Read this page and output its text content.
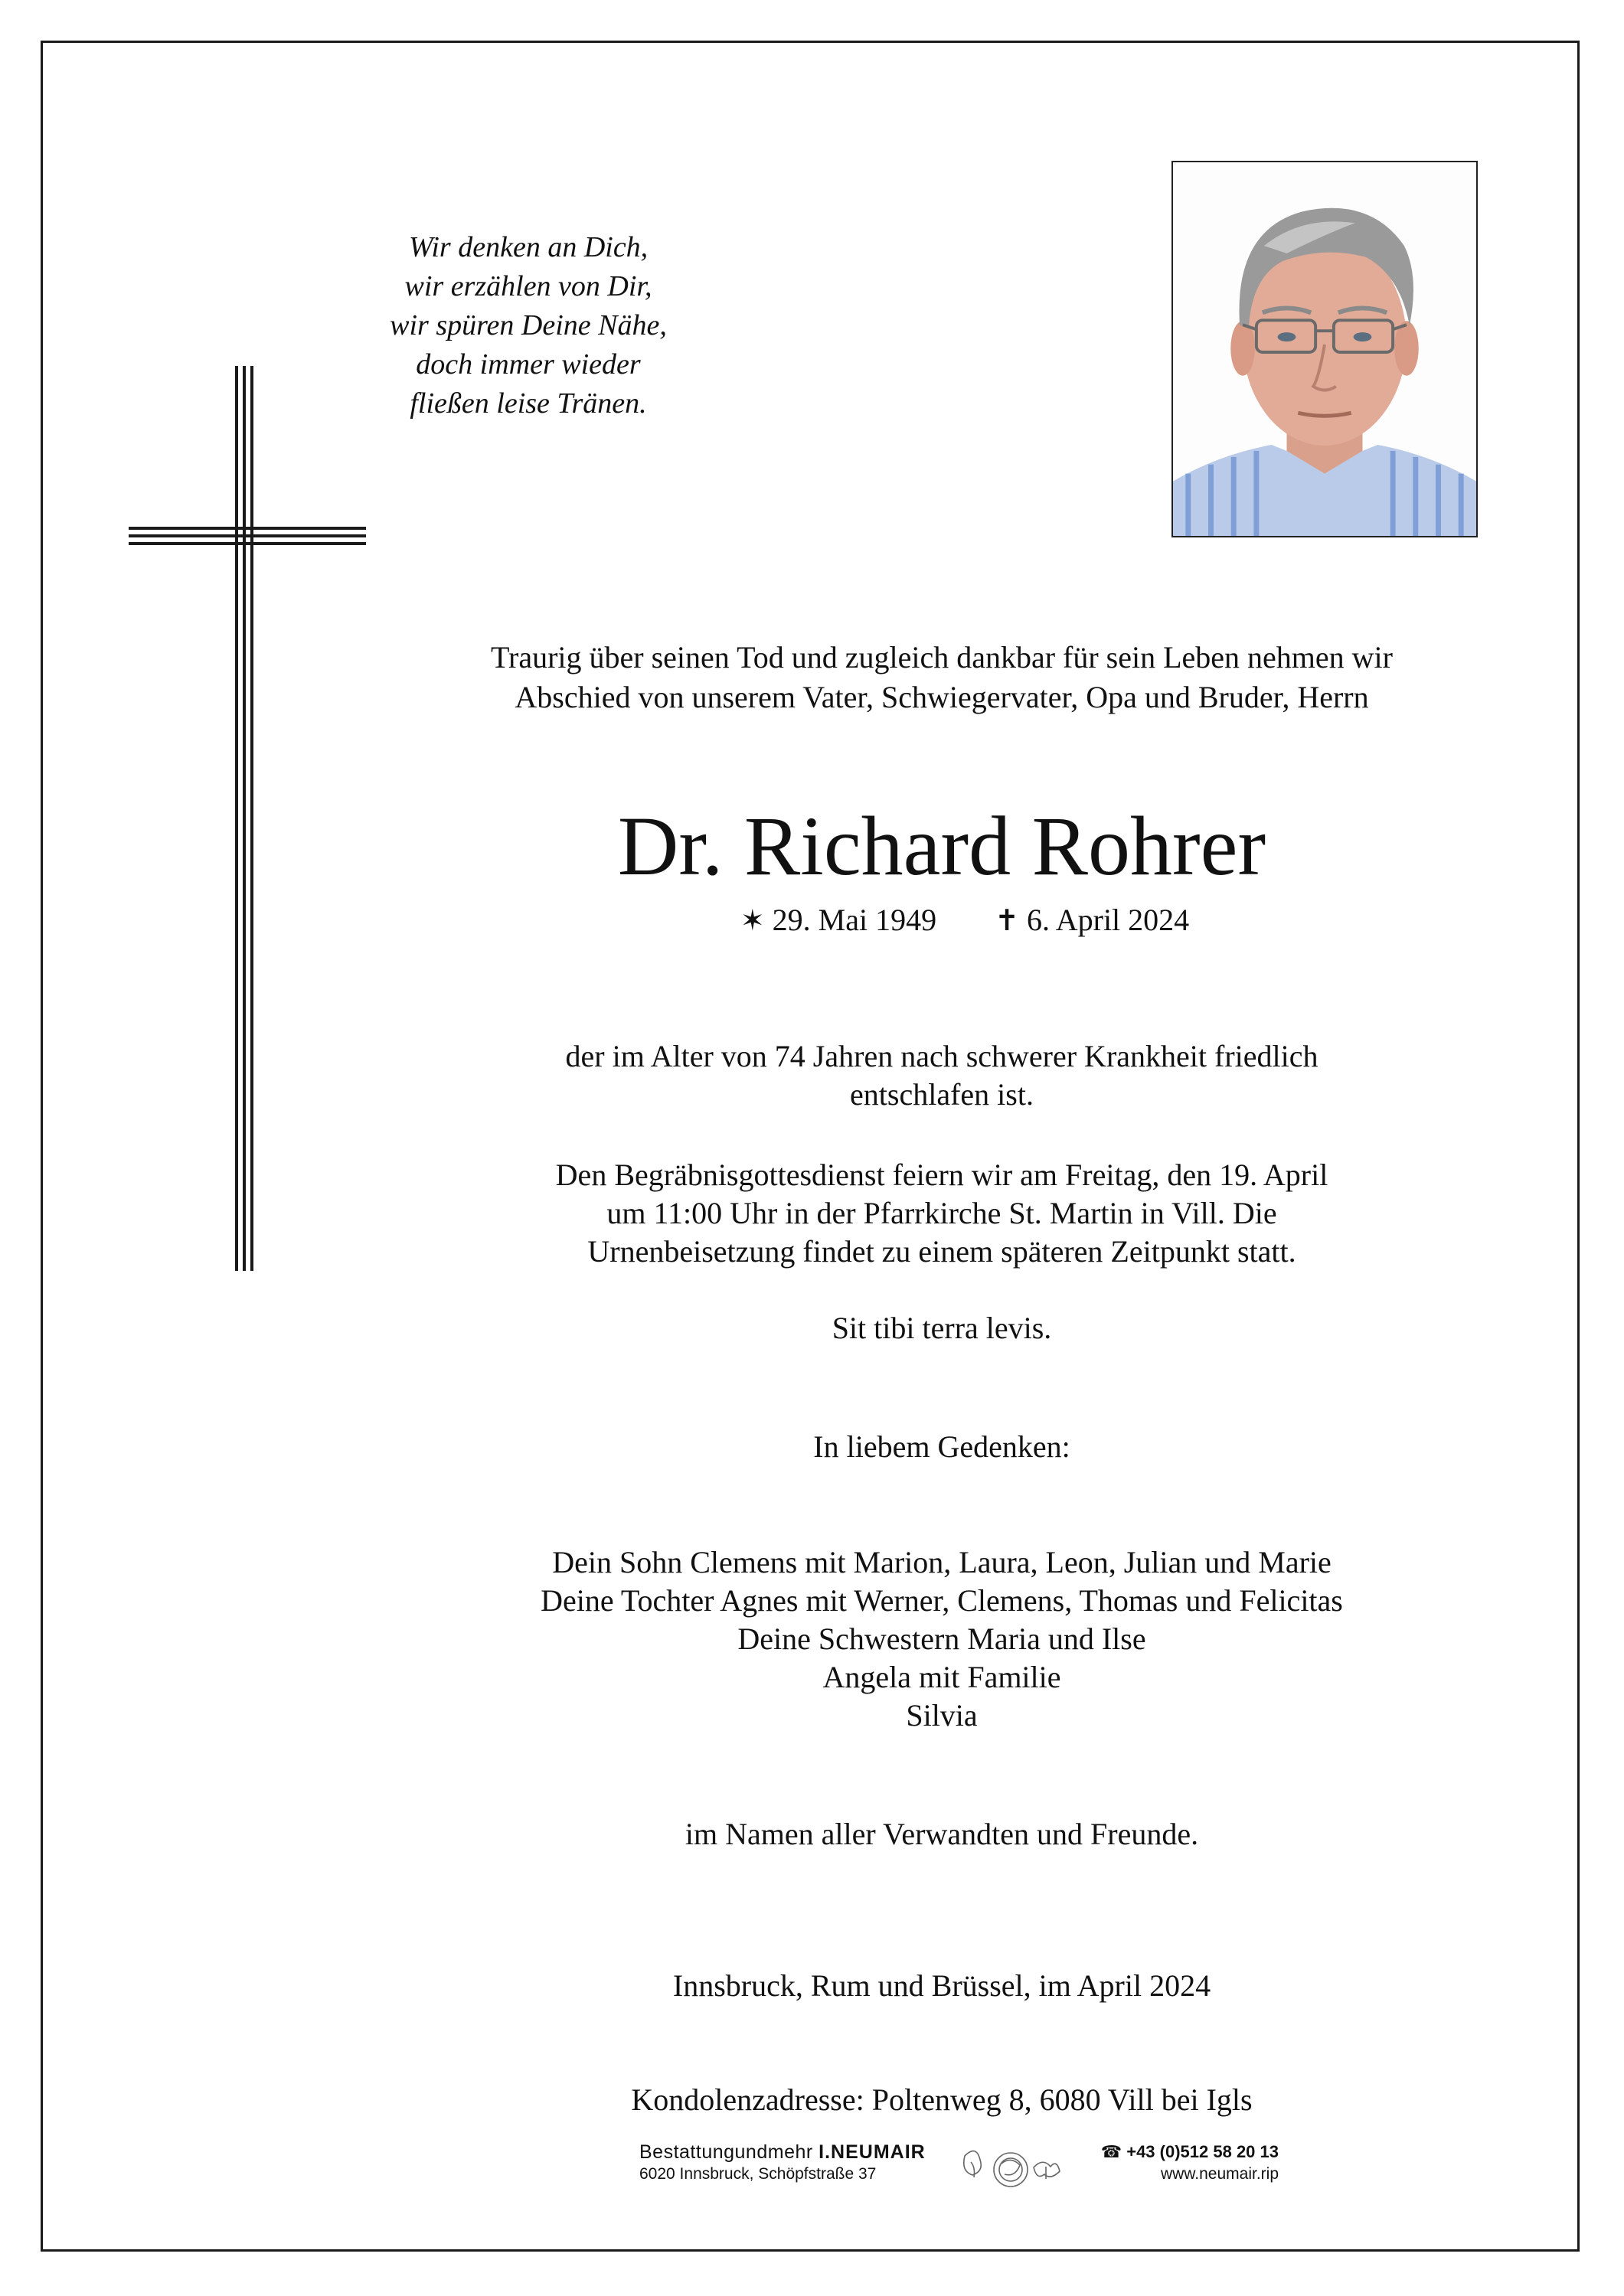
Wir denken an Dich,
wir erzählen von Dir,
wir spüren Deine Nähe,
doch immer wieder
fließen leise Tränen.
Traurig über seinen Tod und zugleich dankbar für sein Leben nehmen wir
Abschied von unserem Vater, Schwiegervater, Opa und Bruder, Herrn
Dr. Richard Rohrer
✶ 29. Mai 1949 ✝ 6. April 2024
der im Alter von 74 Jahren nach schwerer Krankheit friedlich
entschlafen ist.
Den Begräbnisgottesdienst feiern wir am Freitag, den 19. April
um 11:00 Uhr in der Pfarrkirche St. Martin in Vill. Die
Urnenbeisetzung findet zu einem späteren Zeitpunkt statt.
Sit tibi terra levis.
In liebem Gedenken:
Dein Sohn Clemens mit Marion, Laura, Leon, Julian und Marie
Deine Tochter Agnes mit Werner, Clemens, Thomas und Felicitas
Deine Schwestern Maria und Ilse
Angela mit Familie
Silvia
im Namen aller Verwandten und Freunde.
Innsbruck, Rum und Brüssel, im April 2024
Kondolenzadresse: Poltenweg 8, 6080 Vill bei Igls
Bestattungundmehr I.NEUMAIR
6020 Innsbruck, Schöpfstraße 37
☎ +43 (0)512 58 20 13
www.neumair.rip
